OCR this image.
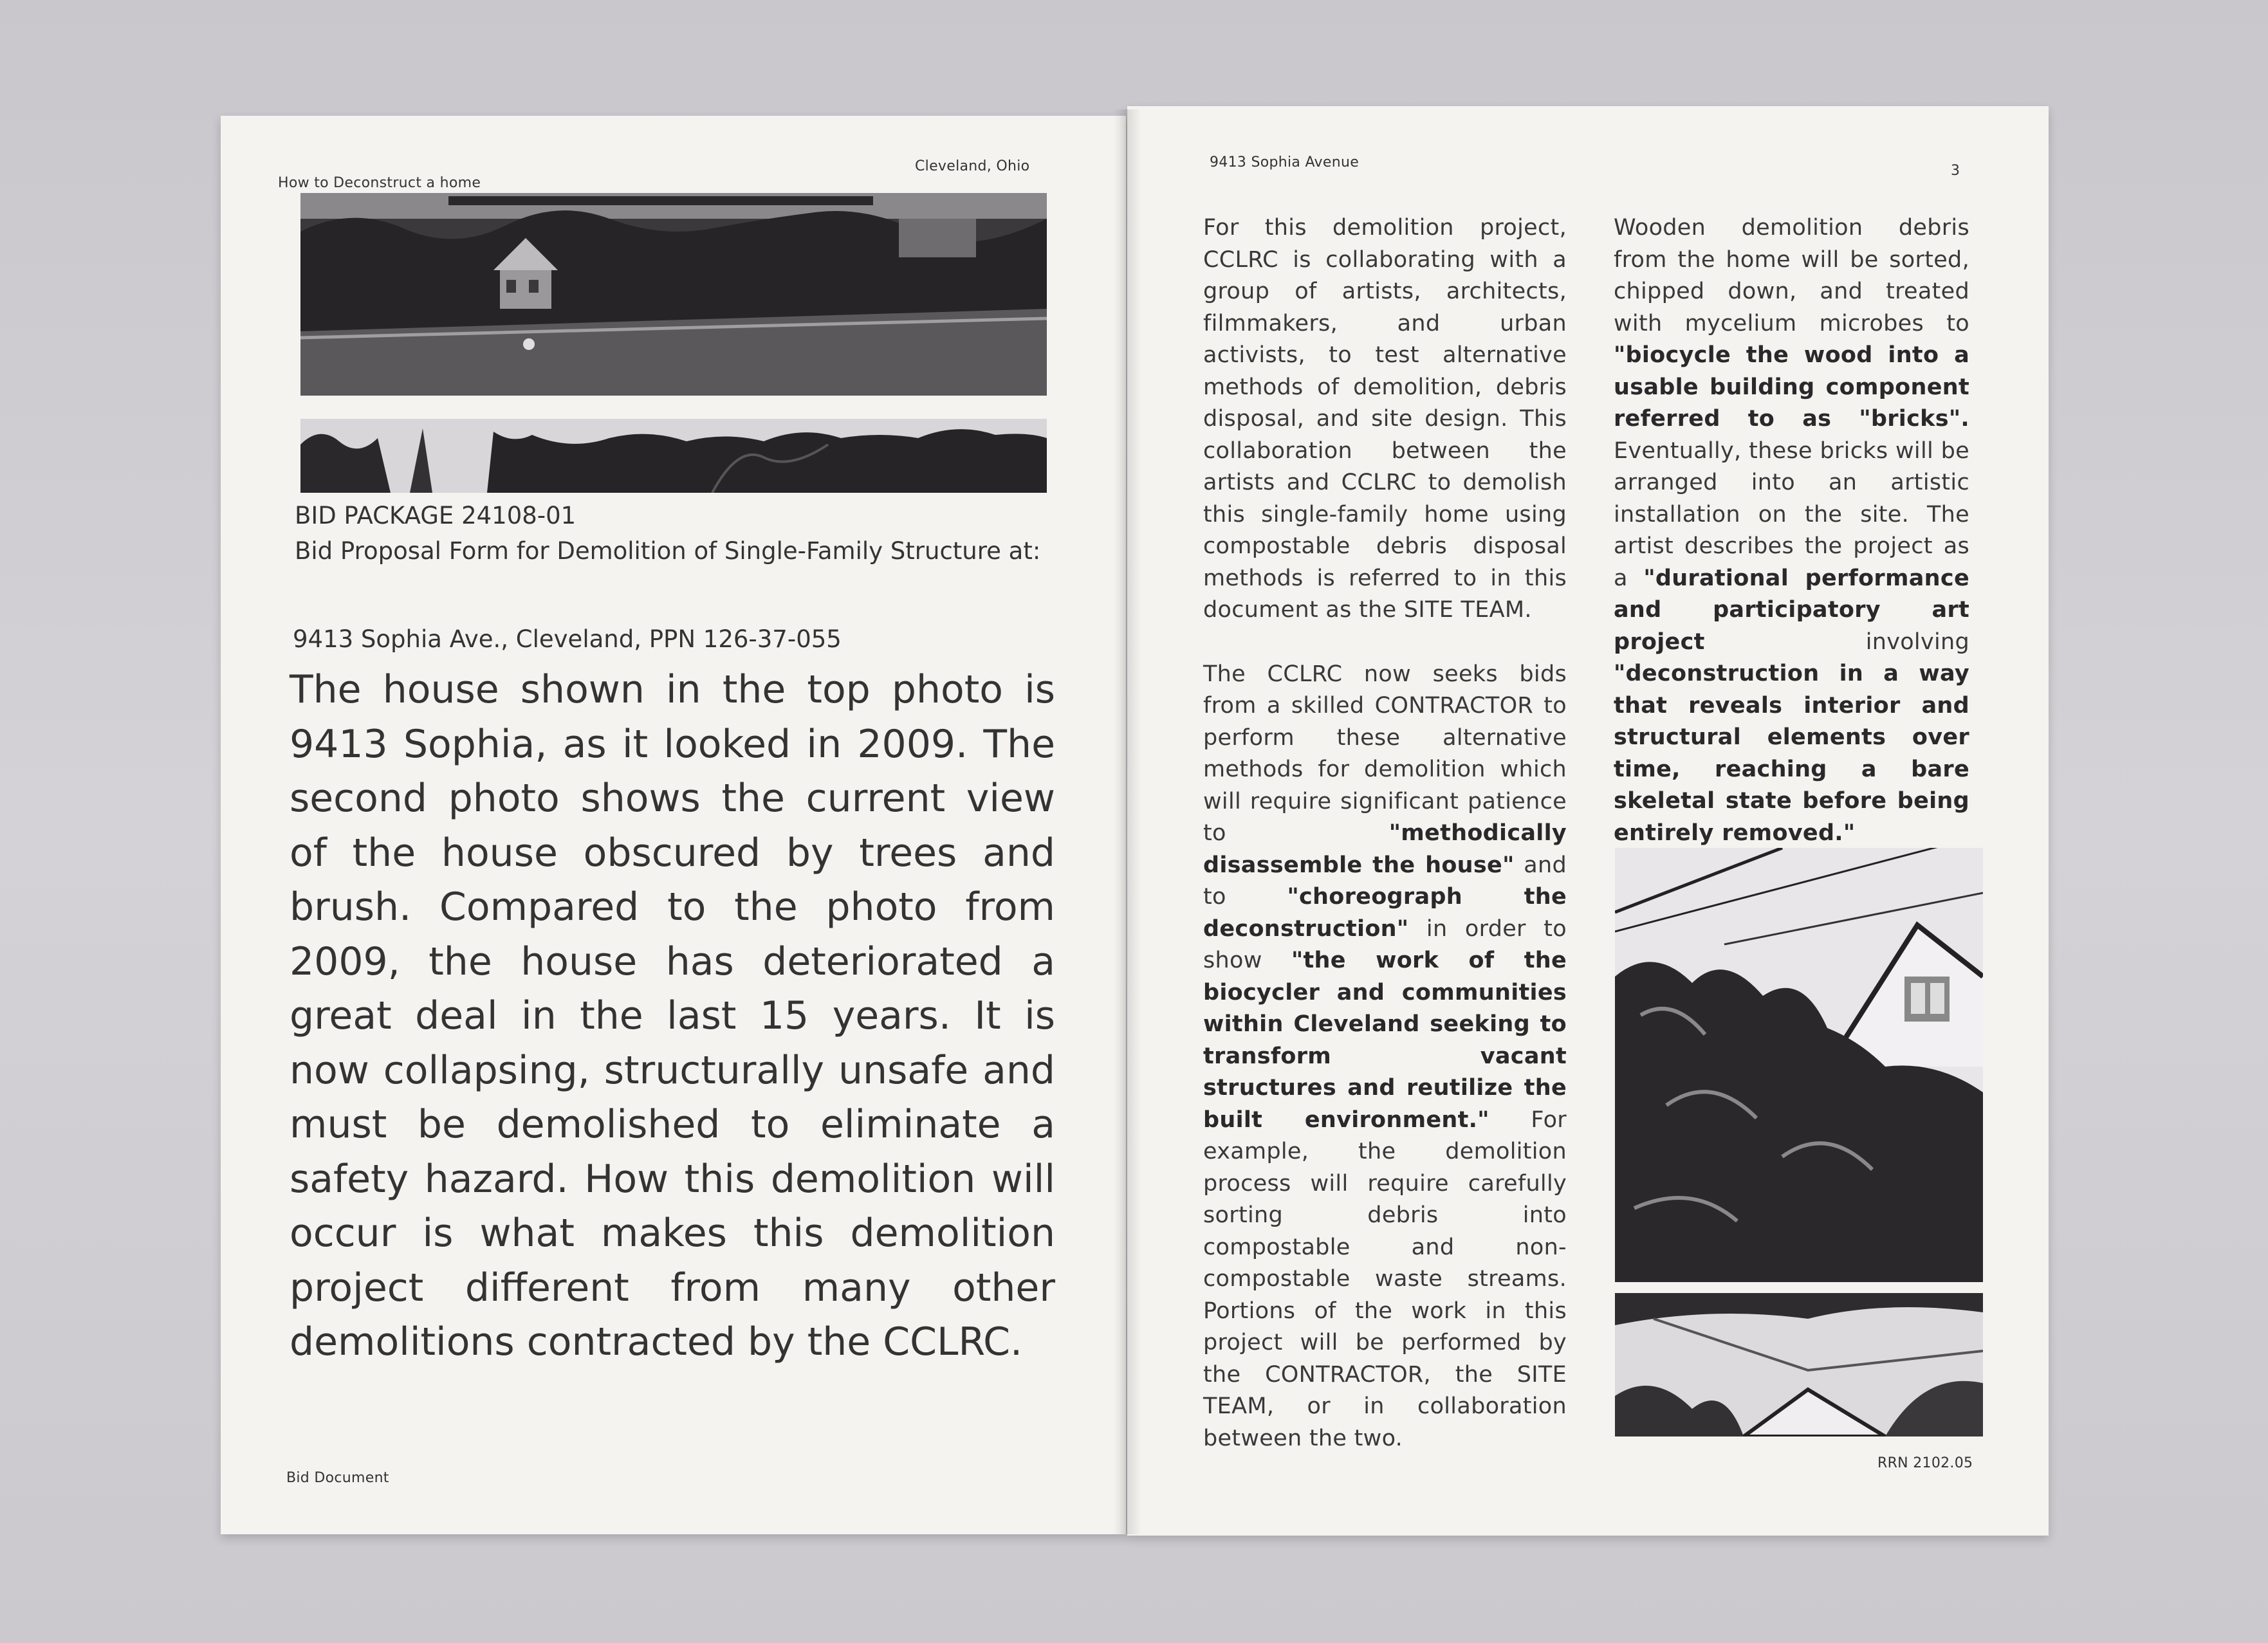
How to Deconstruct a home
Cleveland, Ohio
BID PACKAGE 24108-01
Bid Proposal Form for Demolition of Single-Family Structure at:
9413 Sophia Ave., Cleveland, PPN 126-37-055
The house shown in the top photo is 9413 Sophia, as it looked in 2009. The second photo shows the current view of the house obscured by trees and brush. Compared to the photo from 2009, the house has deteriorated a great deal in the last 15 years. It is now collapsing, structurally unsafe and must be demolished to eliminate a safety hazard. How this demolition will occur is what makes this demolition project different from many other demolitions contracted by the CCLRC.
Bid Document
9413 Sophia Avenue
3

For this demolition project, CCLRC is collaborating with a group of artists, architects, filmmakers, and urban activists, to test alternative methods of demolition, debris disposal, and site design. This collaboration between the artists and CCLRC to demolish this single-family home using compostable debris disposal methods is referred to in this document as the SITE TEAM.

The CCLRC now seeks bids from a skilled CONTRACTOR to perform these alternative methods for demolition which will require significant patience to	"methodically disassemble the house" and to	"choreograph the deconstruction" in order to show "the work of the biocycler and communities within Cleveland seeking to transform vacant structures and reutilize the built environment." For example, the demolition process will require carefully sorting debris into compostable and non-compostable waste streams. Portions of the work in this project will be performed by the CONTRACTOR, the SITE TEAM, or in collaboration between the two.

Wooden demolition debris from the home will be sorted, chipped down, and treated with mycelium microbes to "biocycle the wood into a usable building component referred to as "bricks". Eventually, these bricks will be arranged into an artistic installation on the site. The artist describes the project as a "durational performance and participatory art project	involving "deconstruction in a way that reveals interior and structural elements over time, reaching a bare skeletal state before being entirely removed."

RRN 2102.05
